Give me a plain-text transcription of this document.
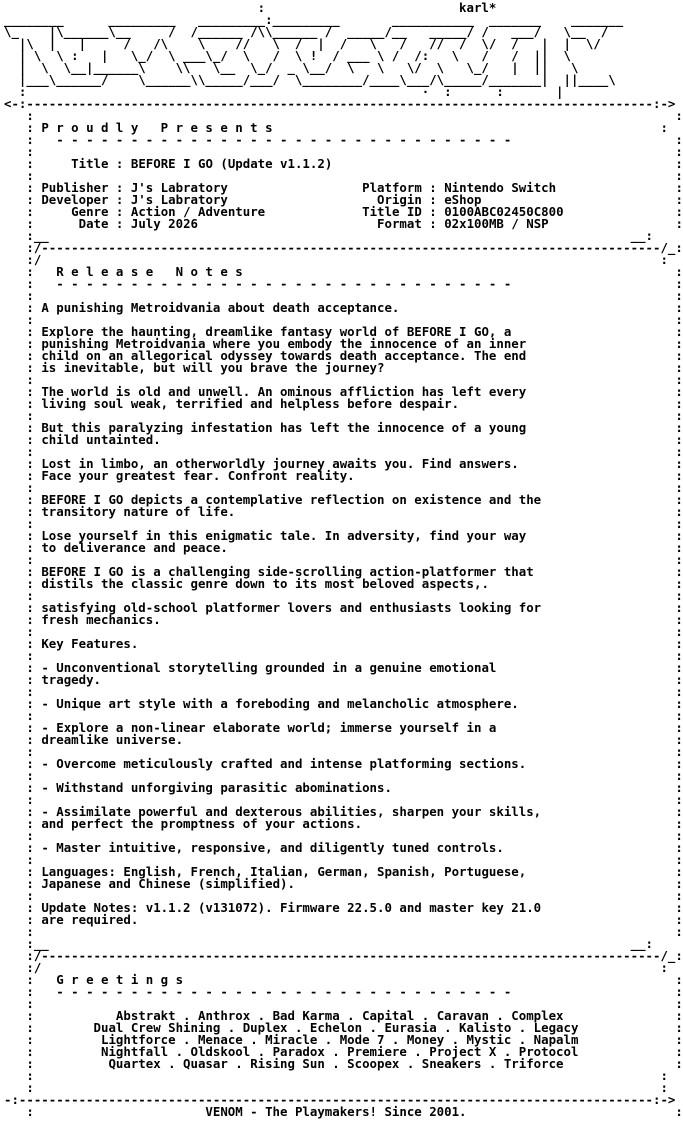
:                          karl*
________      _________   _________:_________       ___________  _______    _______
\_    |\______\__     /  /______ /\\______ /  _____/__   _____/ /   ___/   \__  /
|\  |   |     /   /\    \    //   \  /  |  /   \   /   //  /  \/  /   |  |  \/
| \  \ :   |   \_/  \ ___\_/  \   /  \ !  / ___ \ /  /:   \   /   /  ||  \
|  \  \__|______\    \\   \__  \_/  _ \__/  \   \   \/  \   \_/   |  ||   \
|___\______/    \______\\_____/___/  \________/____\___/\_____/_______|  ||____\
:                                                     ·  :      :       |
<-:------------------------------------------------------------------------------------:->
:                                                                                      :
: P r o u d l y   P r e s e n t s                                                    :
:   - - - - - - - - - - - - - - - - - - - - - - - - - - - - - - -                      :
:                                                                                      :
:     Title : BEFORE I GO (Update v1.1.2)                                              :
:                                                                                      :
: Publisher : J's Labratory	Platform : Nintendo Switch                :
: Developer : J's Labratory	Origin : eShop                          :
:     Genre : Action / Adventure	Title ID : 0100ABC02450C800               :
:	Date : July 2026	Format : 02x100MB / NSP                 :
:__                                                                              __:
:/-----------------------------------------------------------------------------------/_:
:/                                                                                   :
:   R e l e a s e   N o t e s                                                          :
:   - - - - - - - - - - - - - - - - - - - - - - - - - - - - - - -                      :
:                                                                                      :
: A punishing Metroidvania about death acceptance.                                     :
:                                                                                      :
: Explore the haunting, dreamlike fantasy world of BEFORE I GO, a                      :
: punishing Metroidvania where you embody the innocence of an inner                    :
: child on an allegorical odyssey towards death acceptance. The end                    :
: is inevitable, but will you brave the journey?                                       :
:                                                                                      :
: The world is old and unwell. An ominous affliction has left every                    :
: living soul weak, terrified and helpless before despair.                             :
:                                                                                      :
: But this paralyzing infestation has left the innocence of a young                    :
: child untainted.                                                                     :
:                                                                                      :
: Lost in limbo, an otherworldly journey awaits you. Find answers.                     :
: Face your greatest fear. Confront reality.                                           :
:                                                                                      :
: BEFORE I GO depicts a contemplative reflection on existence and the                  :
: transitory nature of life.                                                           :
:                                                                                      :
: Lose yourself in this enigmatic tale. In adversity, find your way                    :
: to deliverance and peace.                                                            :
:                                                                                      :
: BEFORE I GO is a challenging side-scrolling action-platformer that                   :
: distils the classic genre down to its most beloved aspects,.                         :
:                                                                                      :
: satisfying old-school platformer lovers and enthusiasts looking for                  :
: fresh mechanics.                                                                     :
:                                                                                      :
: Key Features.                                                                        :
:                                                                                      :
: - Unconventional storytelling grounded in a genuine emotional                        :
: tragedy.                                                                             :
:                                                                                      :
: - Unique art style with a foreboding and melancholic atmosphere.                     :
:                                                                                      :
: - Explore a non-linear elaborate world; immerse yourself in a                        :
: dreamlike universe.                                                                  :
:                                                                                      :
: - Overcome meticulously crafted and intense platforming sections.                    :
:                                                                                      :
: - Withstand unforgiving parasitic abominations.                                      :
:                                                                                      :
: - Assimilate powerful and dexterous abilities, sharpen your skills,                  :
: and perfect the promptness of your actions.                                          :
:                                                                                      :
: - Master intuitive, responsive, and diligently tuned controls.                       :
:                                                                                      :
: Languages: English, French, Italian, German, Spanish, Portuguese,                    :
: Japanese and Chinese (simplified).                                                   :
:                                                                                      :
: Update Notes: v1.1.2 (v131072). Firmware 22.5.0 and master key 21.0                  :
: are required.                                                                        :
:                                                                                      :
:__                                                                              __:
:/-----------------------------------------------------------------------------------/_:
:/                                                                                   :
:   G r e e t i n g s                                                                  :
:   - - - - - - - - - - - - - - - - - - - - - - - - - - - - - - -                      :
:                                                                                      :
:	Abstrakt . Anthrox . Bad Karma . Capital . Caravan . Complex               :
:	Dual Crew Shining . Duplex . Echelon . Eurasia . Kalisto . Legacy             :
:	Lightforce . Menace . Miracle . Mode 7 . Money . Mystic . Napalm             :
:	Nightfall . Oldskool . Paradox . Premiere . Project X . Protocol             :
:	Quartex . Quasar . Rising Sun . Scoopex . Sneakers . Triforce               :
:                                                                                    :
:                                                                                    :
-:-------------------------------------------------------------------------------------:->
:                       VENOM - The Playmakers! Since 2001.                            :
